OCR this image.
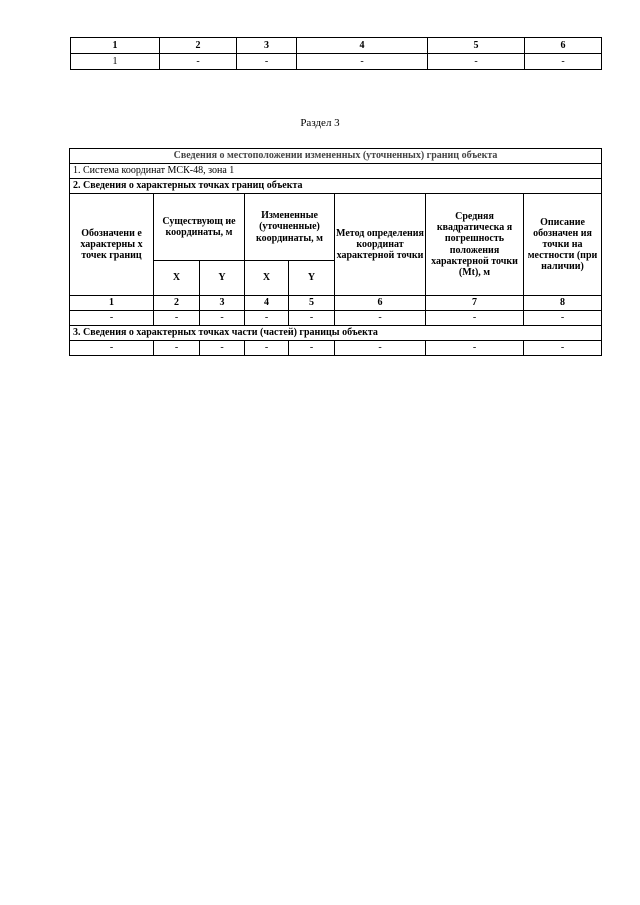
1	2	3	4	5	6
1	-	-	-	-	-
Раздел 3
Сведения о местоположении измененных (уточненных) границ объекта							
1. Система координат МСК-48, зона 1							
2. Сведения о характерных точках границ объекта							
Обозначени е характерны х точек границ	Существующ ие координаты, м		Измененные (уточненные) координаты, м		Метод определения координат характерной точки	Средняя квадратическа я погрешность положения характерной точки (Mt), м	Описание обозначен ия точки на местности (при наличии)
	X	Y	X	Y			
1	2	3	4	5	6	7	8
-	-	-	-	-	-	-	-
3. Сведения о характерных точках части (частей) границы объекта							
-	-	-	-	-	-	-	-
